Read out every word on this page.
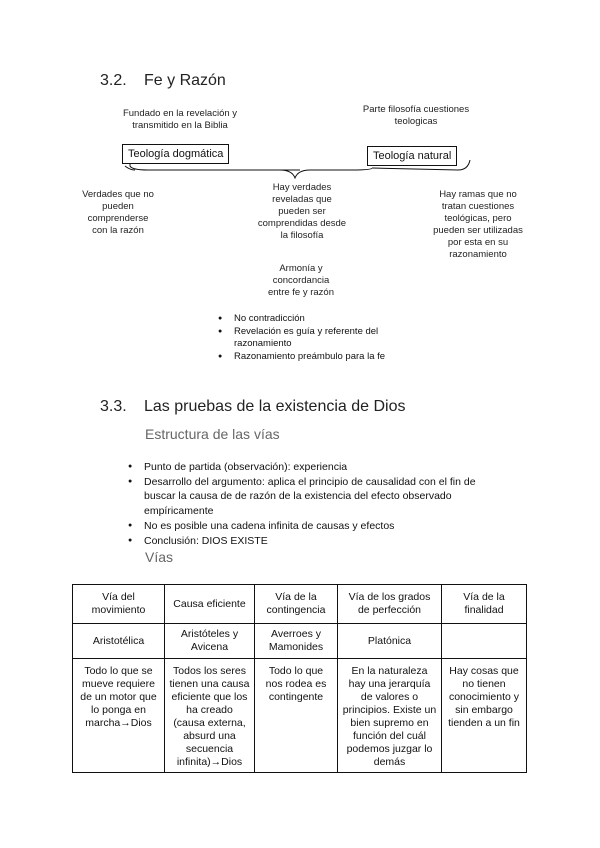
3.2. Fe y Razón
Fundado en la revelación y transmitido en la Biblia
Parte filosofía cuestiones teologicas
Teología dogmática	Teología natural
Verdades que no pueden comprenderse con la razón
Hay verdades reveladas que pueden ser comprendidas desde la filosofía
Hay ramas que no tratan cuestiones teológicas, pero pueden ser utilizadas por esta en su razonamiento
Armonía y concordancia entre fe y razón
● No contradicción
● Revelación es guía y referente del razonamiento
● Razonamiento preámbulo para la fe
3.3. Las pruebas de la existencia de Dios
Estructura de las vías
● Punto de partida (observación): experiencia
● Desarrollo del argumento: aplica el principio de causalidad con el fin de buscar la causa de de razón de la existencia del efecto observado empíricamente
● No es posible una cadena infinita de causas y efectos
● Conclusión: DIOS EXISTE
Vías
Vía del movimiento	Causa eficiente	Vía de la contingencia	Vía de los grados de perfección	Vía de la finalidad
Aristotélica	Aristóteles y Avicena	Averroes y Mamonides	Platónica	
Todo lo que se mueve requiere de un motor que lo ponga en marcha→Dios	Todos los seres tienen una causa eficiente que los ha creado (causa externa, absurd una secuencia infinita)→Dios	Todo lo que nos rodea es contingente	En la naturaleza hay una jerarquía de valores o principios. Existe un bien supremo en función del cuál podemos juzgar lo demás	Hay cosas que no tienen conocimiento y sin embargo tienden a un fin
